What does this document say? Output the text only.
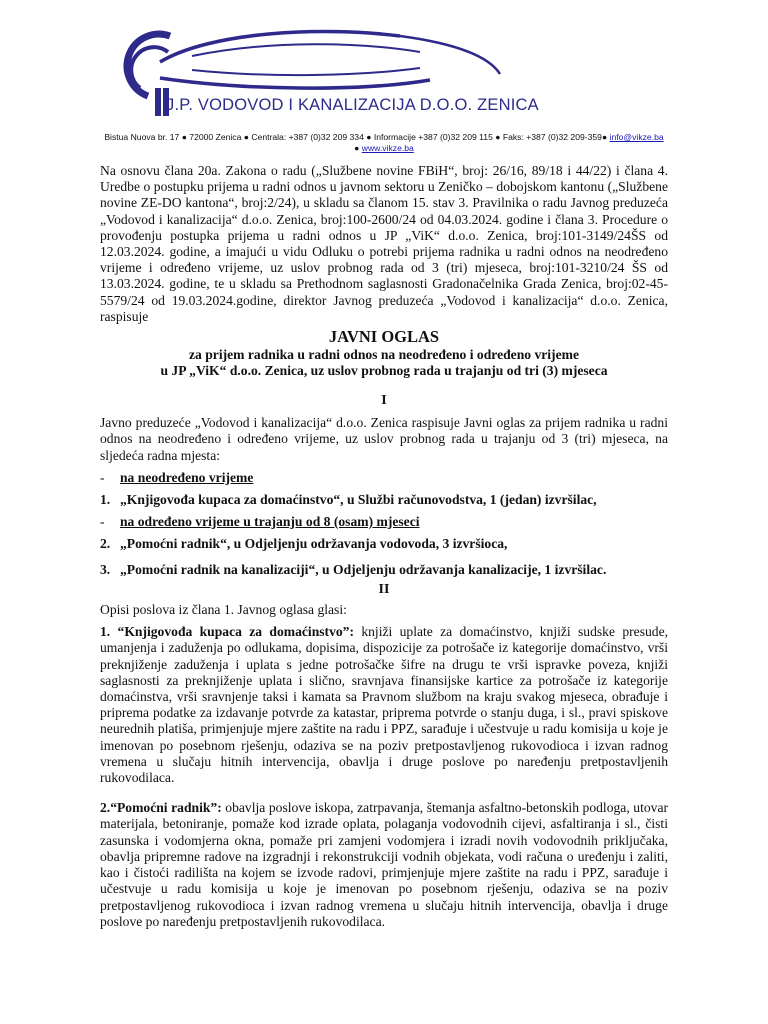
J.P. VODOVOD I KANALIZACIJA D.O.O. ZENICA
Bistua Nuova br. 17 ● 72000 Zenica ● Centrala: +387 (0)32 209 334 ● Informacije +387 (0)32 209 115 ● Faks: +387 (0)32 209-359● info@vikze.ba
● www.vikze.ba

Na osnovu člana 20a. Zakona o radu („Službene novine FBiH“, broj: 26/16, 89/18 i 44/22) i člana 4. Uredbe o postupku prijema u radni odnos u javnom sektoru u Zeničko – dobojskom kantonu („Službene novine ZE-DO kantona“, broj:2/24), u skladu sa članom 15. stav 3. Pravilnika o radu Javnog preduzeća „Vodovod i kanalizacija“ d.o.o. Zenica, broj:100-2600/24 od 04.03.2024. godine i člana 3. Procedure o provođenju postupka prijema u radni odnos u JP „ViK“ d.o.o. Zenica, broj:101-3149/24ŠS od 12.03.2024. godine, a imajući u vidu Odluku o potrebi prijema radnika u radni odnos na neodređeno vrijeme i određeno vrijeme, uz uslov probnog rada od 3 (tri) mjeseca, broj:101-3210/24 ŠS od 13.03.2024. godine, te u skladu sa Prethodnom saglasnosti Gradonačelnika Grada Zenica, broj:02-45-5579/24 od 19.03.2024.godine, direktor Javnog preduzeća „Vodovod i kanalizacija“ d.o.o. Zenica, raspisuje

JAVNI OGLAS
za prijem radnika u radni odnos na neodređeno i određeno vrijeme
u JP „ViK“ d.o.o. Zenica, uz uslov probnog rada u trajanju od tri (3) mjeseca
I

Javno preduzeće „Vodovod i kanalizacija“ d.o.o. Zenica raspisuje Javni oglas za prijem radnika u radni odnos na neodređeno i određeno vrijeme, uz uslov probnog rada u trajanju od 3 (tri) mjeseca, na sljedeća radna mjesta:

-	na neodređeno vrijeme
1. „Knjigovođa kupaca za domaćinstvo“, u Službi računovodstva, 1 (jedan) izvršilac,
-	na određeno vrijeme u trajanju od 8 (osam) mjeseci
2. „Pomoćni radnik“, u Odjeljenju održavanja vodovoda, 3 izvršioca,
3. „Pomoćni radnik na kanalizaciji“, u Odjeljenju održavanja kanalizacije, 1 izvršilac.
II

Opisi poslova iz člana 1. Javnog oglasa glasi:

1. “Knjigovođa kupaca za domaćinstvo”: knjiži uplate za domaćinstvo, knjiži sudske presude, umanjenja i zaduženja po odlukama, dopisima, dispozicije za potrošače iz kategorije domaćinstvo, vrši preknjiženje zaduženja i uplata s jedne potrošačke šifre na drugu te vrši ispravke poveza, knjiži saglasnosti za preknjiženje uplata i slično, sravnjava finansijske kartice za potrošače iz kategorije domaćinstva, vrši sravnjenje taksi i kamata sa Pravnom službom na kraju svakog mjeseca, obrađuje i priprema podatke za izdavanje potvrde za katastar, priprema potvrde o stanju duga, i sl., pravi spiskove neurednih platiša, primjenjuje mjere zaštite na radu i PPZ, sarađuje i učestvuje u radu komisija u koje je imenovan po posebnom rješenju, odaziva se na poziv pretpostavljenog rukovodioca i izvan radnog vremena u slučaju hitnih intervencija, obavlja i druge poslove po naređenju pretpostavljenih rukovodilaca.

2.“Pomoćni radnik”: obavlja poslove iskopa, zatrpavanja, štemanja asfaltno-betonskih podloga, utovar materijala, betoniranje, pomaže kod izrade oplata, polaganja vodovodnih cijevi, asfaltiranja i sl., čisti zasunska i vodomjerna okna, pomaže pri zamjeni vodomjera i izradi novih vodovodnih priključaka, obavlja pripremne radove na izgradnji i rekonstrukciji vodnih objekata, vodi računa o uređenju i zaliti, kao i čistoći radilišta na kojem se izvode radovi, primjenjuje mjere zaštite na radu i PPZ, sarađuje i učestvuje u radu komisija u koje je imenovan po posebnom rješenju, odaziva se na poziv pretpostavljenog rukovodioca i izvan radnog vremena u slučaju hitnih intervencija, obavlja i druge poslove po naređenju pretpostavljenih rukovodilaca.
